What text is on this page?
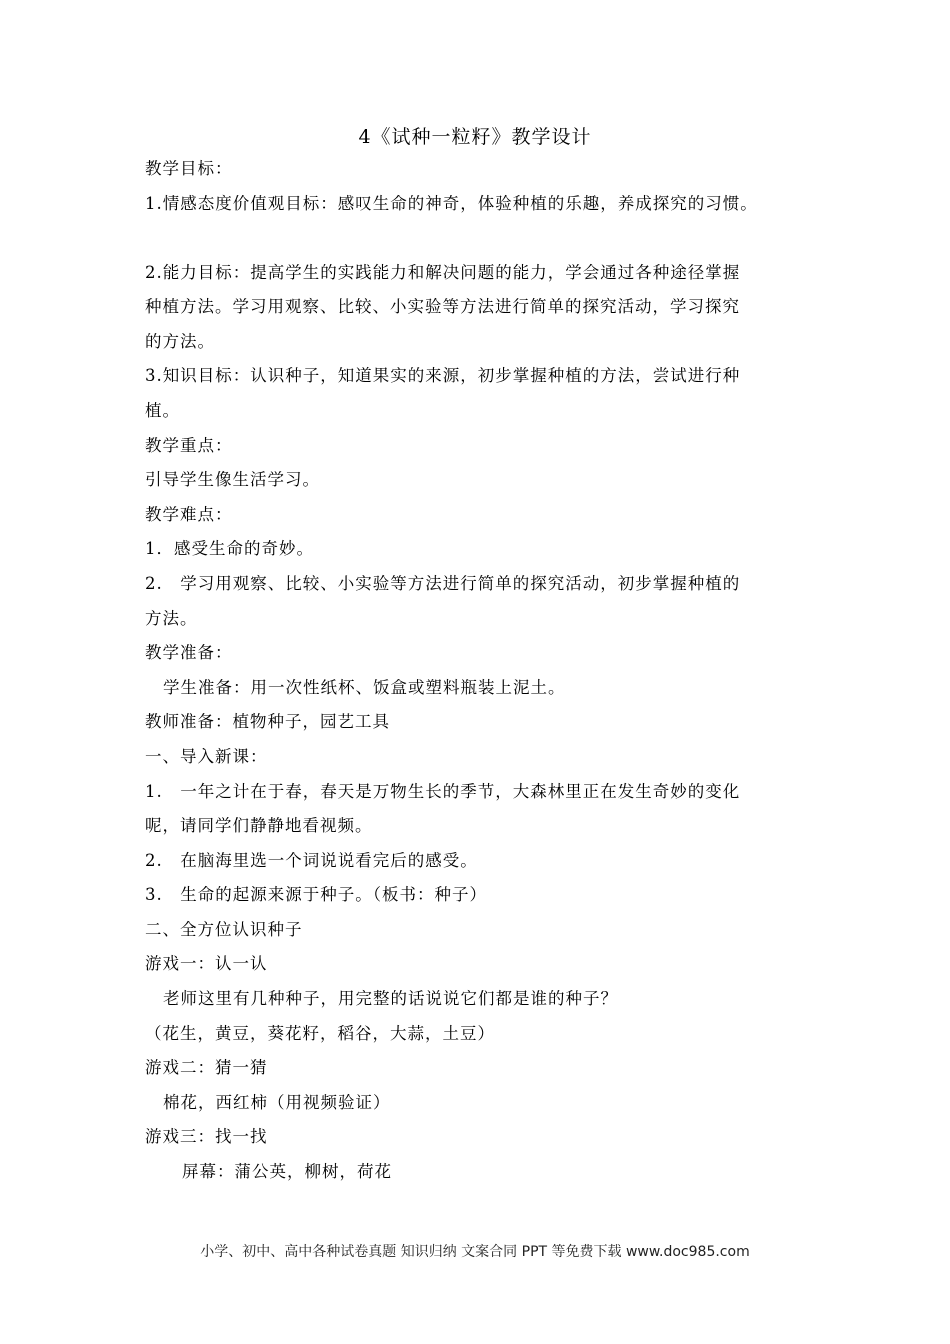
4《试种一粒籽》教学设计
教学目标：
1.情感态度价值观目标：感叹生命的神奇，体验种植的乐趣，养成探究的习惯。
2.能力目标：提高学生的实践能力和解决问题的能力，学会通过各种途径掌握
种植方法。学习用观察、比较、小实验等方法进行简单的探究活动，学习探究
的方法。
3.知识目标：认识种子，知道果实的来源，初步掌握种植的方法，尝试进行种
植。
教学重点：
引导学生像生活学习。
教学难点：
1．感受生命的奇妙。
2.　学习用观察、比较、小实验等方法进行简单的探究活动，初步掌握种植的
方法。
教学准备：
学生准备：用一次性纸杯、饭盒或塑料瓶装上泥土。
教师准备：植物种子，园艺工具
一、导入新课：
1.　一年之计在于春，春天是万物生长的季节，大森林里正在发生奇妙的变化
呢，请同学们静静地看视频。
2.　在脑海里选一个词说说看完后的感受。
3.　生命的起源来源于种子。（板书：种子）
二、全方位认识种子
游戏一：认一认
老师这里有几种种子，用完整的话说说它们都是谁的种子？
（花生，黄豆，葵花籽，稻谷，大蒜，土豆）
游戏二：猜一猜
棉花，西红柿（用视频验证）
游戏三：找一找
屏幕：蒲公英，柳树，荷花
小学、初中、高中各种试卷真题 知识归纳 文案合同 PPT 等免费下载 www.doc985.com
